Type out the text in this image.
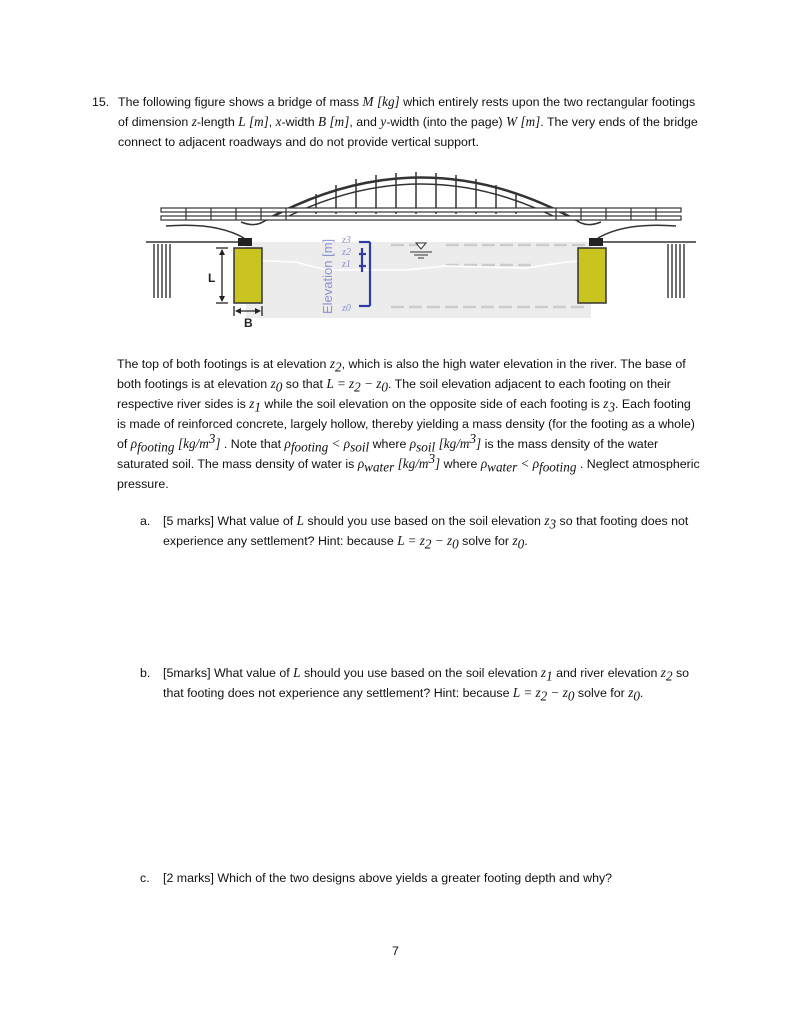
15. The following figure shows a bridge of mass M [kg] which entirely rests upon the two rectangular footings of dimension z-length L [m], x-width B [m], and y-width (into the page) W [m]. The very ends of the bridge connect to adjacent roadways and do not provide vertical support.
L
B
Elevation [m] z3
z2
z1
z0
The top of both footings is at elevation $z_2$, which is also the high water elevation in the river. The base of both footings is at elevation $z_0$ so that $L = z_2 - z_0$. The soil elevation adjacent to each footing on their respective river sides is $z_1$ while the soil elevation on the opposite side of each footing is $z_3$. Each footing is made of reinforced concrete, largely hollow, thereby yielding a mass density (for the footing as a whole) of $\rho_{footing}$ $[kg/m^3]$ . Note that $\rho_{footing} < \rho_{soil}$ where $\rho_{soil}$ $[kg/m^3]$ is the mass density of the water saturated soil. The mass density of water is $\rho_{water}$ $[kg/m^3]$ where $\rho_{water} < \rho_{footing}$ . Neglect atmospheric pressure.
a. [5 marks] What value of L should you use based on the soil elevation $z_3$ so that footing does not experience any settlement? Hint: because $L = z_2 - z_0$ solve for $z_0$.
b. [5marks] What value of L should you use based on the soil elevation $z_1$ and river elevation $z_2$ so that footing does not experience any settlement? Hint: because $L = z_2 - z_0$ solve for $z_0$.
c. [2 marks] Which of the two designs above yields a greater footing depth and why?
7
